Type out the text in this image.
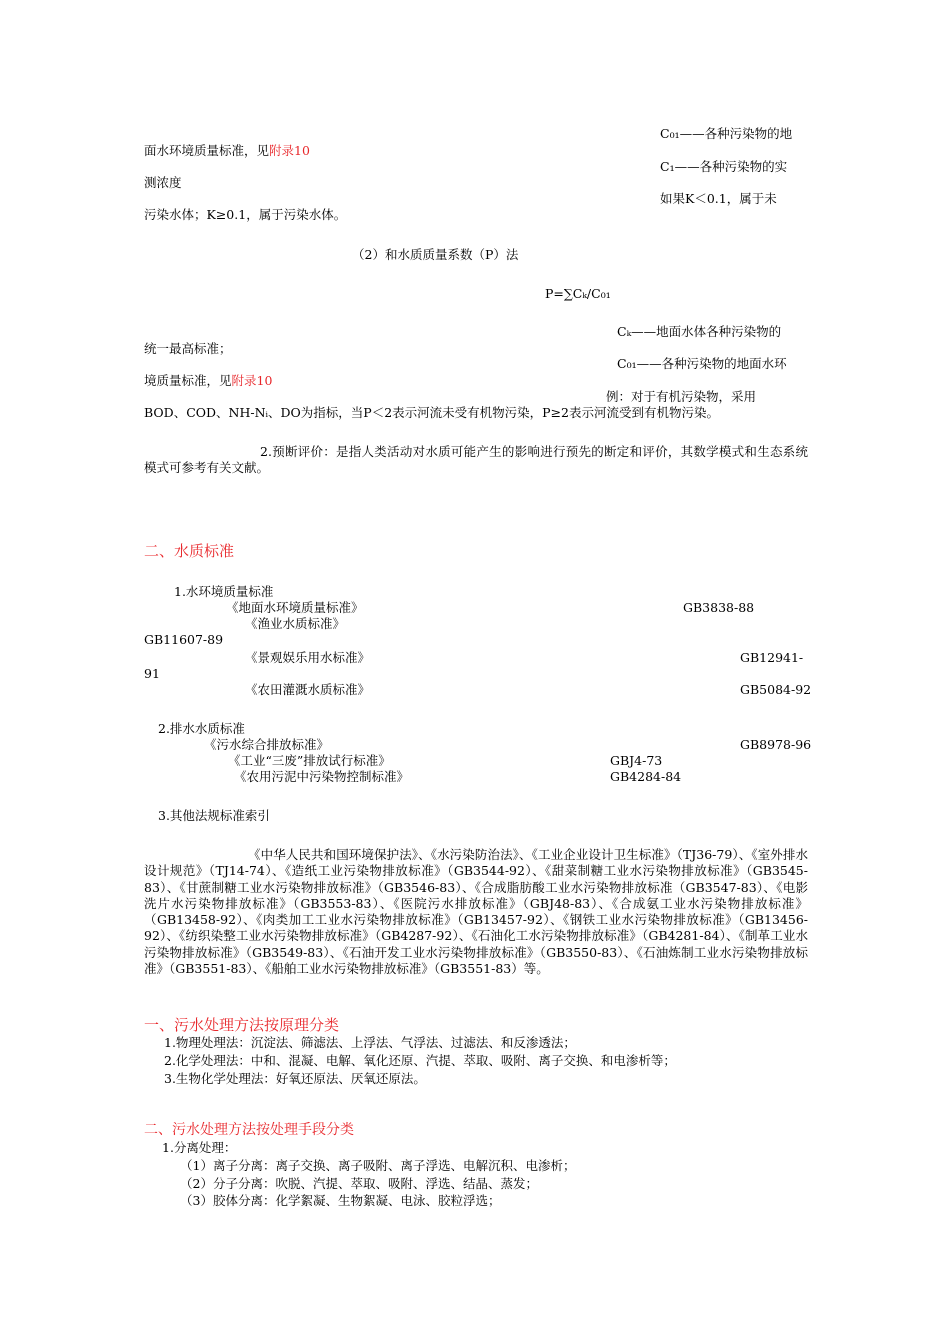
C₀₁——各种污染物的地
面水环境质量标准，见附录10
C₁——各种污染物的实
测浓度
如果K＜0.1，属于未
污染水体；K≥0.1，属于污染水体。
（2）和水质质量系数（P）法
P=∑Cₖ/C₀₁
Cₖ——地面水体各种污染物的
统一最高标准；
C₀₁——各种污染物的地面水环
境质量标准，见附录10
例：对于有机污染物，采用
BOD、COD、NH-Nᵢ、DO为指标，当P＜2表示河流未受有机物污染，P≥2表示河流受到有机物污染。
2.预断评价：是指人类活动对水质可能产生的影响进行预先的断定和评价，其数学模式和生态系统模式可参考有关文献。
二、水质标准
1.水环境质量标准
《地面水环境质量标准》	GB3838-88
《渔业水质标准》
GB11607-89
《景观娱乐用水标准》	GB12941-
91
《农田灌溉水质标准》	GB5084-92
2.排水水质标准
《污水综合排放标准》	GB8978-96
《工业“三废”排放试行标准》	GBJ4-73
《农用污泥中污染物控制标准》	GB4284-84
3.其他法规标准索引
《中华人民共和国环境保护法》、《水污染防治法》、《工业企业设计卫生标准》（TJ36-79）、《室外排水设计规范》（TJ14-74）、《造纸工业污染物排放标准》（GB3544-92）、《甜菜制糖工业水污染物排放标准》（GB3545-83）、《甘蔗制糖工业水污染物排放标准》（GB3546-83）、《合成脂肪酸工业水污染物排放标准（GB3547-83）、《电影洗片水污染物排放标准》（GB3553-83）、《医院污水排放标准》（GBJ48-83）、《合成氨工业水污染物排放标准》（GB13458-92）、《肉类加工工业水污染物排放标准》（GB13457-92）、《钢铁工业水污染物排放标准》（GB13456-92）、《纺织染整工业水污染物排放标准》（GB4287-92）、《石油化工水污染物排放标准》（GB4281-84）、《制革工业水污染物排放标准》（GB3549-83）、《石油开发工业水污染物排放标准》（GB3550-83）、《石油炼制工业水污染物排放标准》（GB3551-83）、《船舶工业水污染物排放标准》（GB3551-83）等。
一、污水处理方法按原理分类
1.物理处理法：沉淀法、筛滤法、上浮法、气浮法、过滤法、和反渗透法；
2.化学处理法：中和、混凝、电解、氧化还原、汽提、萃取、吸附、离子交换、和电渗析等；
3.生物化学处理法：好氧还原法、厌氧还原法。
二、污水处理方法按处理手段分类
1.分离处理：
（1）离子分离：离子交换、离子吸附、离子浮选、电解沉积、电渗析；
（2）分子分离：吹脱、汽提、萃取、吸附、浮选、结晶、蒸发；
（3）胶体分离：化学絮凝、生物絮凝、电泳、胶粒浮选；
